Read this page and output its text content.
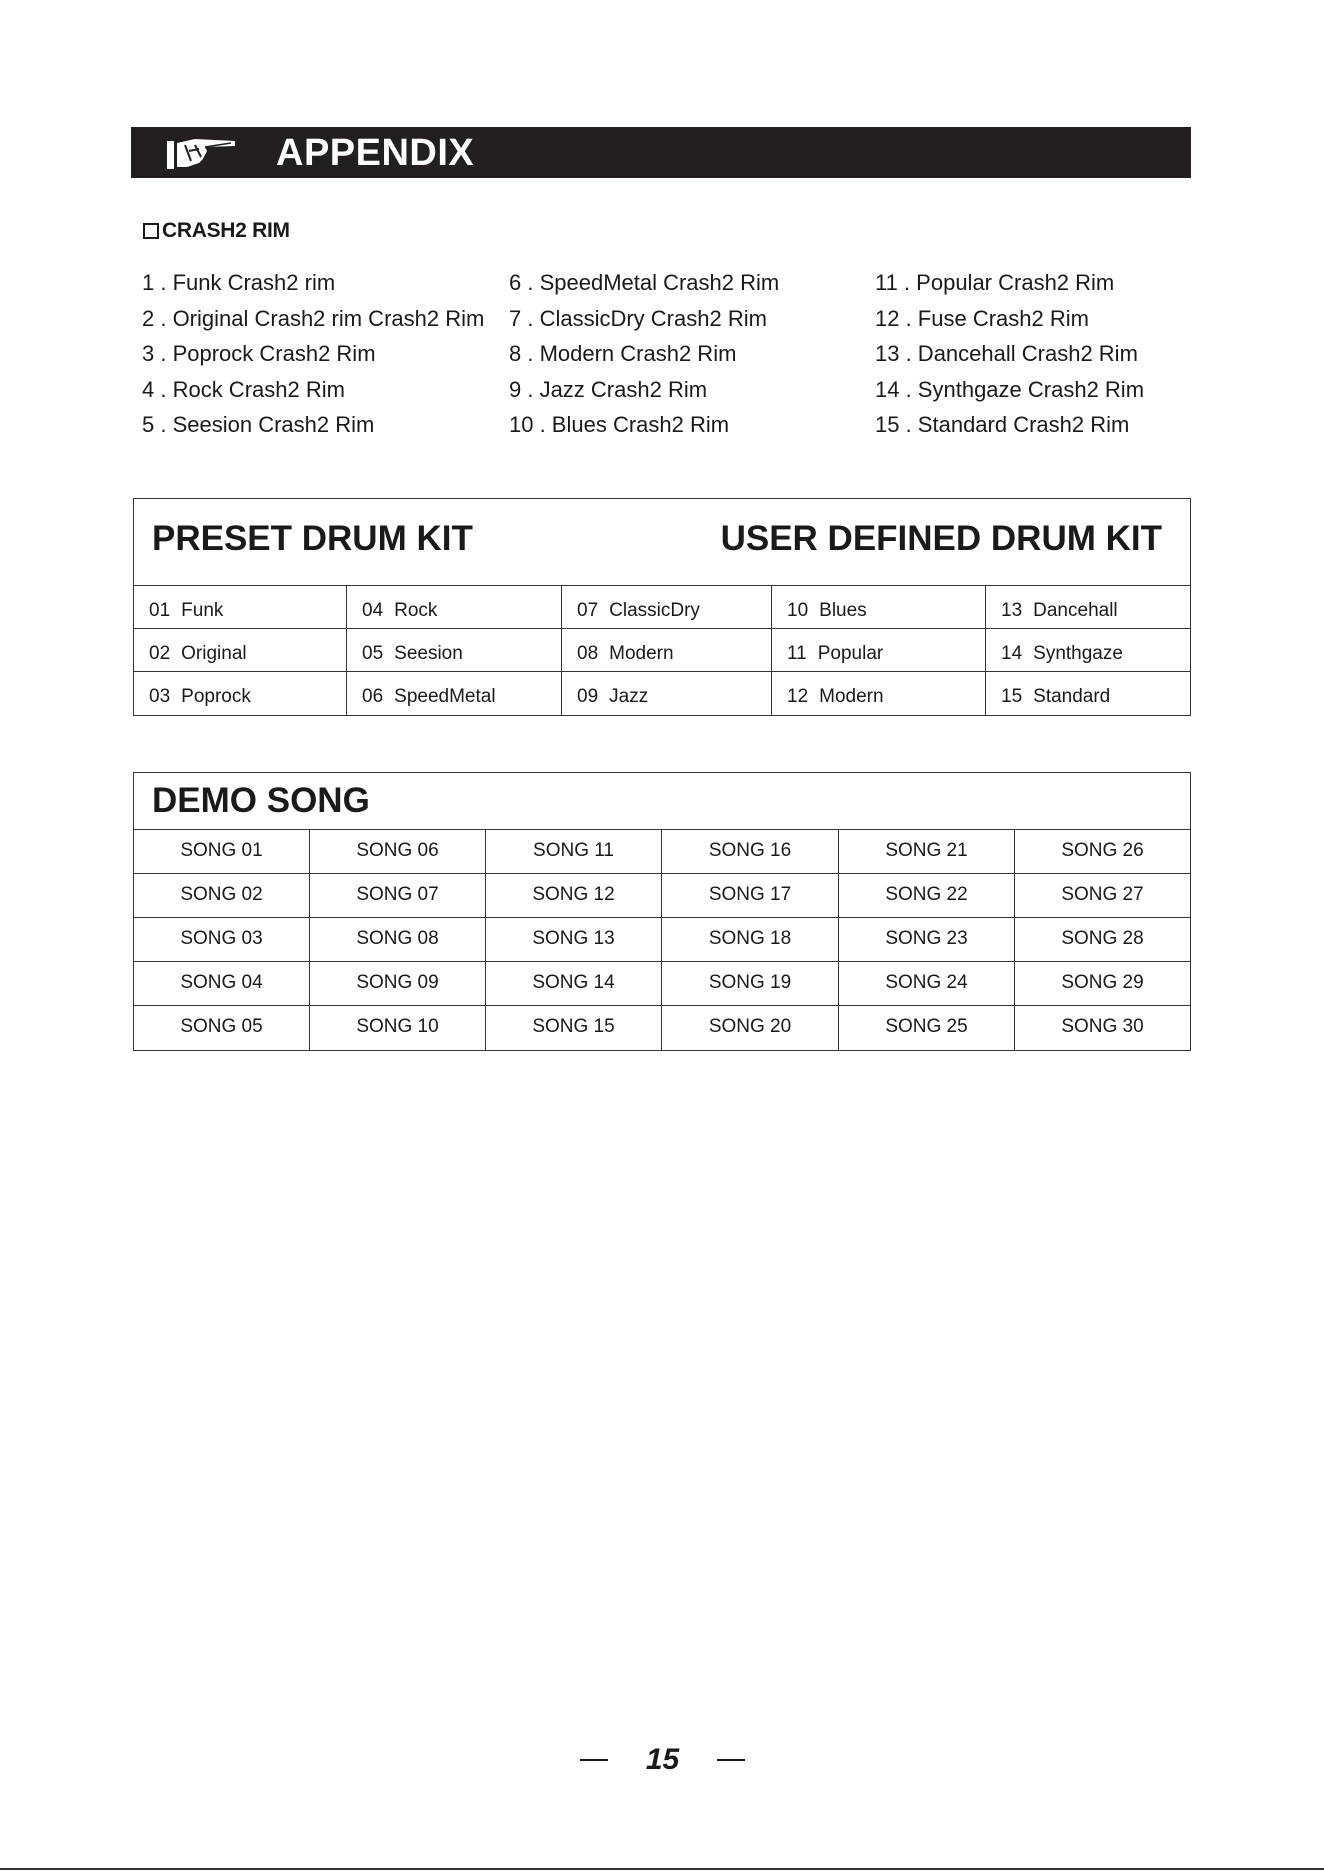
APPENDIX
CRASH2 RIM
1 . Funk Crash2 rim
2 . Original Crash2 rim Crash2 Rim
3 . Poprock Crash2 Rim
4 . Rock Crash2 Rim
5 . Seesion Crash2 Rim
6 . SpeedMetal Crash2 Rim
7 . ClassicDry Crash2 Rim
8 . Modern Crash2 Rim
9 . Jazz Crash2 Rim
10 . Blues Crash2 Rim
11 . Popular Crash2 Rim
12 . Fuse Crash2 Rim
13 . Dancehall Crash2 Rim
14 . Synthgaze Crash2 Rim
15 . Standard Crash2 Rim
PRESET DRUM KIT	USER DEFINED DRUM KIT
01 Funk	04 Rock	07 ClassicDry	10 Blues	13 Dancehall
02 Original	05 Seesion	08 Modern	11 Popular	14 Synthgaze
03 Poprock	06 SpeedMetal	09 Jazz	12 Modern	15 Standard
DEMO SONG
SONG 01	SONG 06	SONG 11	SONG 16	SONG 21	SONG 26
SONG 02	SONG 07	SONG 12	SONG 17	SONG 22	SONG 27
SONG 03	SONG 08	SONG 13	SONG 18	SONG 23	SONG 28
SONG 04	SONG 09	SONG 14	SONG 19	SONG 24	SONG 29
SONG 05	SONG 10	SONG 15	SONG 20	SONG 25	SONG 30
15
